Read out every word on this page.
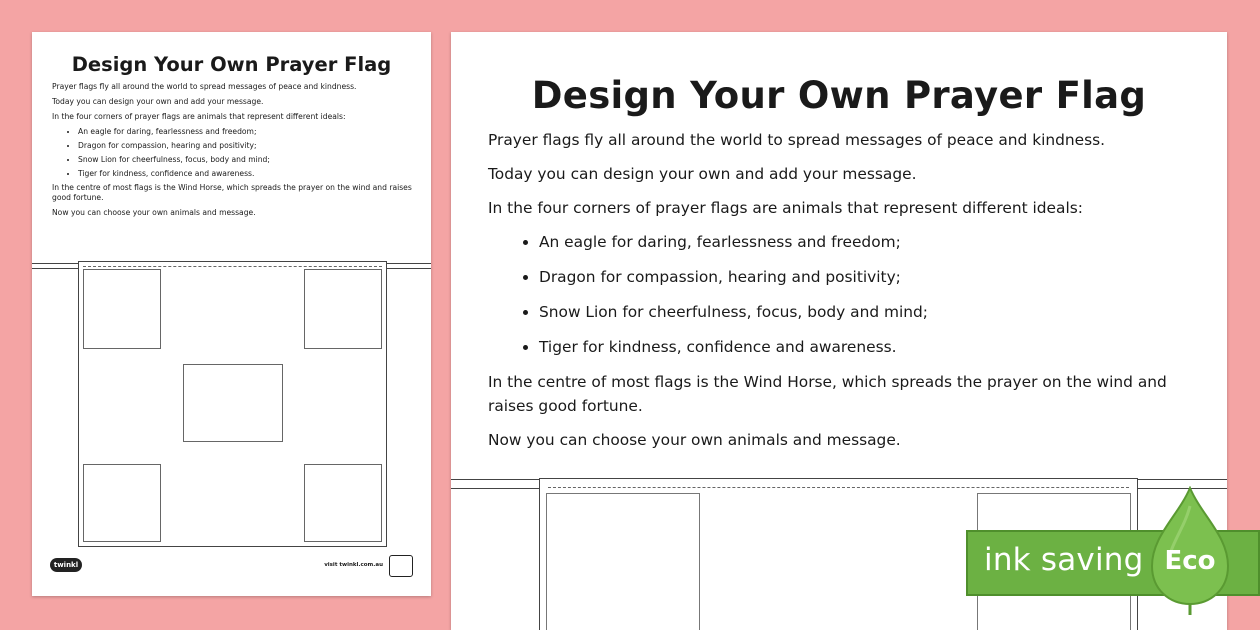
Design Your Own Prayer Flag

Prayer flags fly all around the world to spread messages of peace and kindness.

Today you can design your own and add your message.

In the four corners of prayer flags are animals that represent different ideals:

• An eagle for daring, fearlessness and freedom;
• Dragon for compassion, hearing and positivity;
• Snow Lion for cheerfulness, focus, body and mind;
• Tiger for kindness, confidence and awareness.

In the centre of most flags is the Wind Horse, which spreads the prayer on the wind and raises good fortune.

Now you can choose your own animals and message.

twinkl	visit twinkl.com.au
Design Your Own Prayer Flag

Prayer flags fly all around the world to spread messages of peace and kindness.

Today you can design your own and add your message.

In the four corners of prayer flags are animals that represent different ideals:

• An eagle for daring, fearlessness and freedom;
• Dragon for compassion, hearing and positivity;
• Snow Lion for cheerfulness, focus, body and mind;
• Tiger for kindness, confidence and awareness.

In the centre of most flags is the Wind Horse, which spreads the prayer on the wind and raises good fortune.

Now you can choose your own animals and message.

ink saving Eco
